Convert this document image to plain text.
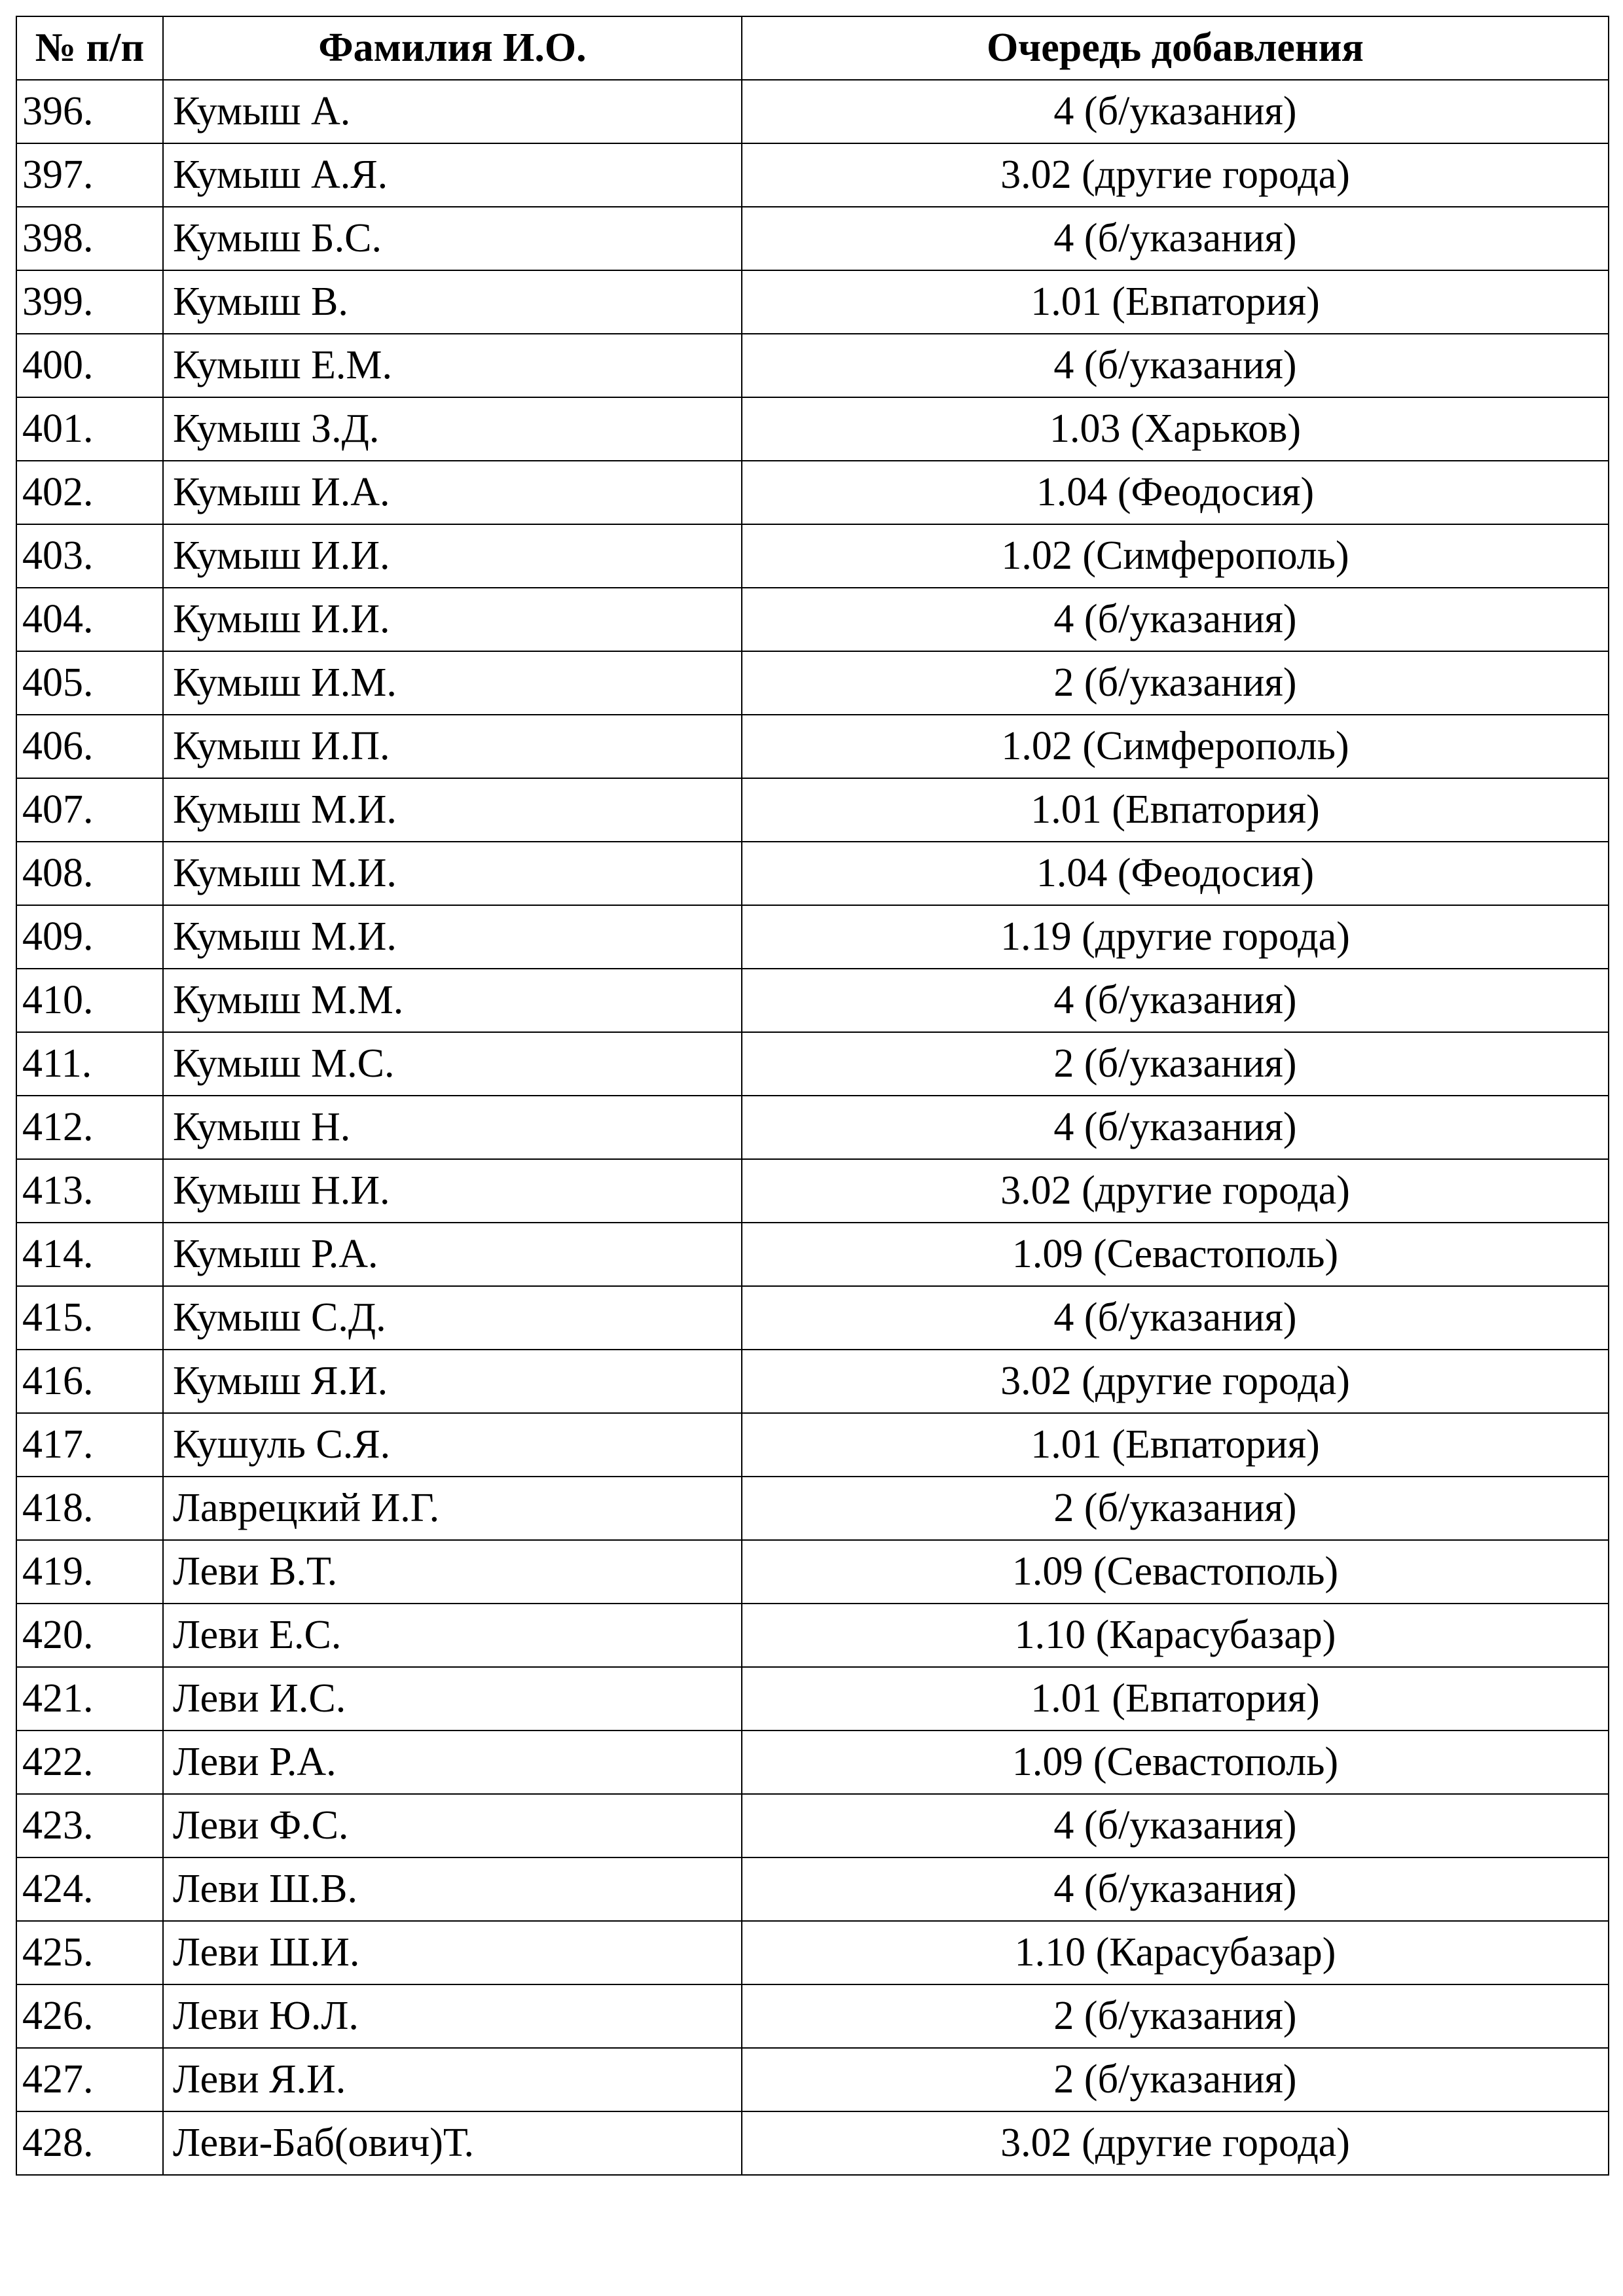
№ п/п	Фамилия И.О.	Очередь добавления
396.	Кумыш А.	4 (б/указания)
397.	Кумыш А.Я.	3.02 (другие города)
398.	Кумыш Б.С.	4 (б/указания)
399.	Кумыш В.	1.01 (Евпатория)
400.	Кумыш Е.М.	4 (б/указания)
401.	Кумыш З.Д.	1.03 (Харьков)
402.	Кумыш И.А.	1.04 (Феодосия)
403.	Кумыш И.И.	1.02 (Симферополь)
404.	Кумыш И.И.	4 (б/указания)
405.	Кумыш И.М.	2 (б/указания)
406.	Кумыш И.П.	1.02 (Симферополь)
407.	Кумыш М.И.	1.01 (Евпатория)
408.	Кумыш М.И.	1.04 (Феодосия)
409.	Кумыш М.И.	1.19 (другие города)
410.	Кумыш М.М.	4 (б/указания)
411.	Кумыш М.С.	2 (б/указания)
412.	Кумыш Н.	4 (б/указания)
413.	Кумыш Н.И.	3.02 (другие города)
414.	Кумыш Р.А.	1.09 (Севастополь)
415.	Кумыш С.Д.	4 (б/указания)
416.	Кумыш Я.И.	3.02 (другие города)
417.	Кушуль С.Я.	1.01 (Евпатория)
418.	Лаврецкий И.Г.	2 (б/указания)
419.	Леви В.Т.	1.09 (Севастополь)
420.	Леви Е.С.	1.10 (Карасубазар)
421.	Леви И.С.	1.01 (Евпатория)
422.	Леви Р.А.	1.09 (Севастополь)
423.	Леви Ф.С.	4 (б/указания)
424.	Леви Ш.В.	4 (б/указания)
425.	Леви Ш.И.	1.10 (Карасубазар)
426.	Леви Ю.Л.	2 (б/указания)
427.	Леви Я.И.	2 (б/указания)
428.	Леви-Баб(ович)Т.	3.02 (другие города)
